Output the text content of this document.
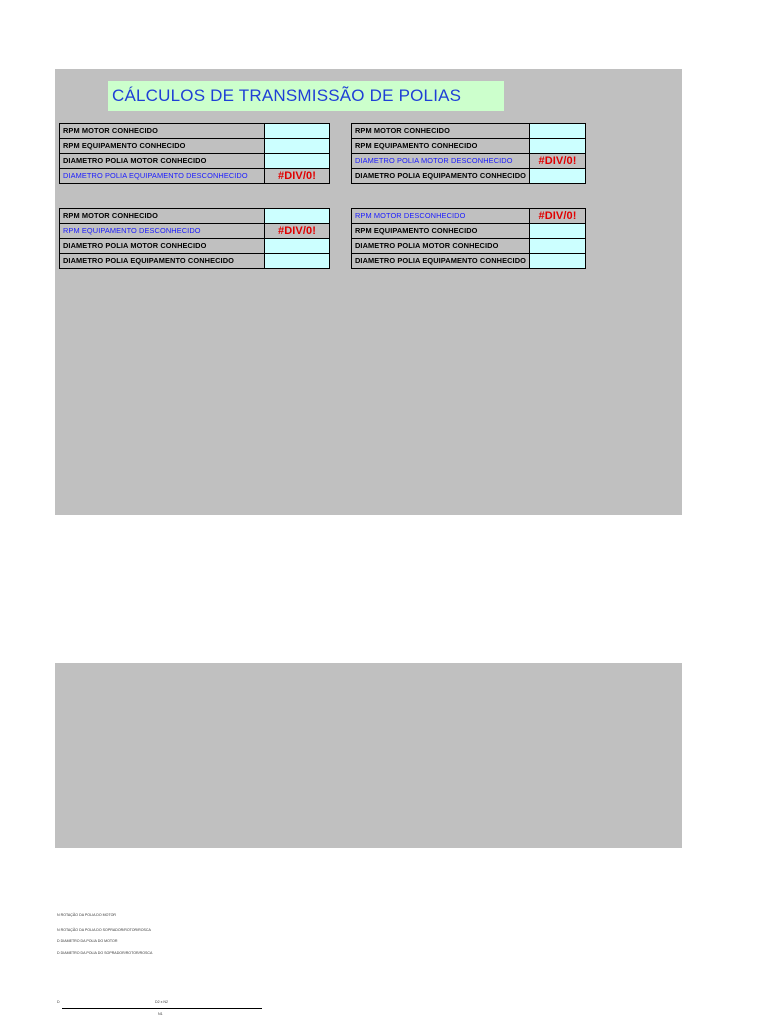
CÁLCULOS DE TRANSMISSÃO DE POLIAS
RPM MOTOR CONHECIDO	
RPM EQUIPAMENTO CONHECIDO	
DIAMETRO POLIA MOTOR CONHECIDO	
DIAMETRO POLIA EQUIPAMENTO DESCONHECIDO	#DIV/0!
RPM MOTOR CONHECIDO	
RPM EQUIPAMENTO CONHECIDO	
DIAMETRO POLIA MOTOR DESCONHECIDO	#DIV/0!
DIAMETRO POLIA EQUIPAMENTO CONHECIDO	
RPM MOTOR CONHECIDO	
RPM EQUIPAMENTO DESCONHECIDO	#DIV/0!
DIAMETRO POLIA MOTOR CONHECIDO	
DIAMETRO POLIA EQUIPAMENTO CONHECIDO	
RPM MOTOR DESCONHECIDO	#DIV/0!
RPM EQUIPAMENTO CONHECIDO	
DIAMETRO POLIA MOTOR CONHECIDO	
DIAMETRO POLIA EQUIPAMENTO CONHECIDO	
N ROTAÇÃO DA POLIA DO MOTOR
N ROTAÇÃO DA POLIA DO SOPRADOR/ROTOR/ROSCA
D DIAMETRO DA POLIA DO MOTOR
D DIAMETRO DA POLIA DO SOPRADOR/ROTOR/ROSCA
D	D2 x N2
N1
